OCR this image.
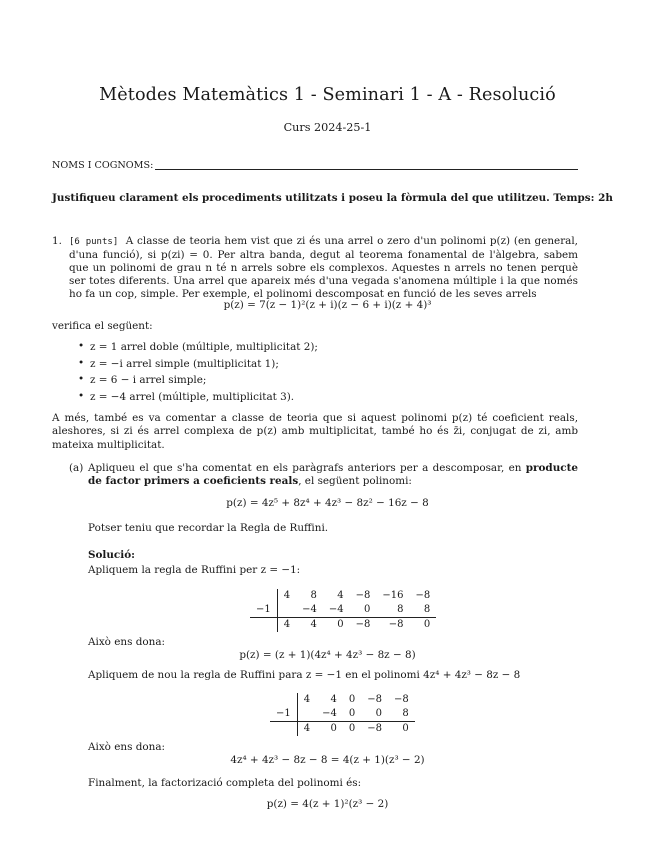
Mètodes Matemàtics 1 - Seminari 1 - A - Resolució
Curs 2024-25-1
NOMS I COGNOMS:
Justifiqueu clarament els procediments utilitzats i poseu la fòrmula del que utilitzeu. Temps: 2h
1. [6 punts] A classe de teoria hem vist que zi és una arrel o zero d'un polinomi p(z) (en general, d'una funció), si p(zi) = 0. Per altra banda, degut al teorema fonamental de l'àlgebra, sabem que un polinomi de grau n té n arrels sobre els complexos. Aquestes n arrels no tenen perquè ser totes diferents. Una arrel que apareix més d'una vegada s'anomena múltiple i la que només ho fa un cop, simple. Per exemple, el polinomi descomposat en funció de les seves arrels
p(z) = 7(z − 1)²(z + i)(z − 6 + i)(z + 4)³
verifica el següent:
• z = 1 arrel doble (múltiple, multiplicitat 2);
• z = −i arrel simple (multiplicitat 1);
• z = 6 − i arrel simple;
• z = −4 arrel (múltiple, multiplicitat 3).
A més, també es va comentar a classe de teoria que si aquest polinomi p(z) té coeficient reals, aleshores, si zi és arrel complexa de p(z) amb multiplicitat, també ho és z̄i, conjugat de zi, amb mateixa multiplicitat.
(a) Apliqueu el que s'ha comentat en els paràgrafs anteriors per a descomposar, en producte de factor primers a coeficients reals, el següent polinomi:
p(z) = 4z⁵ + 8z⁴ + 4z³ − 8z² − 16z − 8
Potser teniu que recordar la Regla de Ruffini.
Solució:
Apliquem la regla de Ruffini per z = −1:
	4	8	4	−8	−16	−8
−1		−4	−4	0	8	8
	4	4	0	−8	−8	0
Això ens dona:
p(z) = (z + 1)(4z⁴ + 4z³ − 8z − 8)
Apliquem de nou la regla de Ruffini para z = −1 en el polinomi 4z⁴ + 4z³ − 8z − 8
	4	4	0	−8	−8
−1		−4	0	0	8
	4	0	0	−8	0
Això ens dona:
4z⁴ + 4z³ − 8z − 8 = 4(z + 1)(z³ − 2)
Finalment, la factorizació completa del polinomi és:
p(z) = 4(z + 1)²(z³ − 2)
